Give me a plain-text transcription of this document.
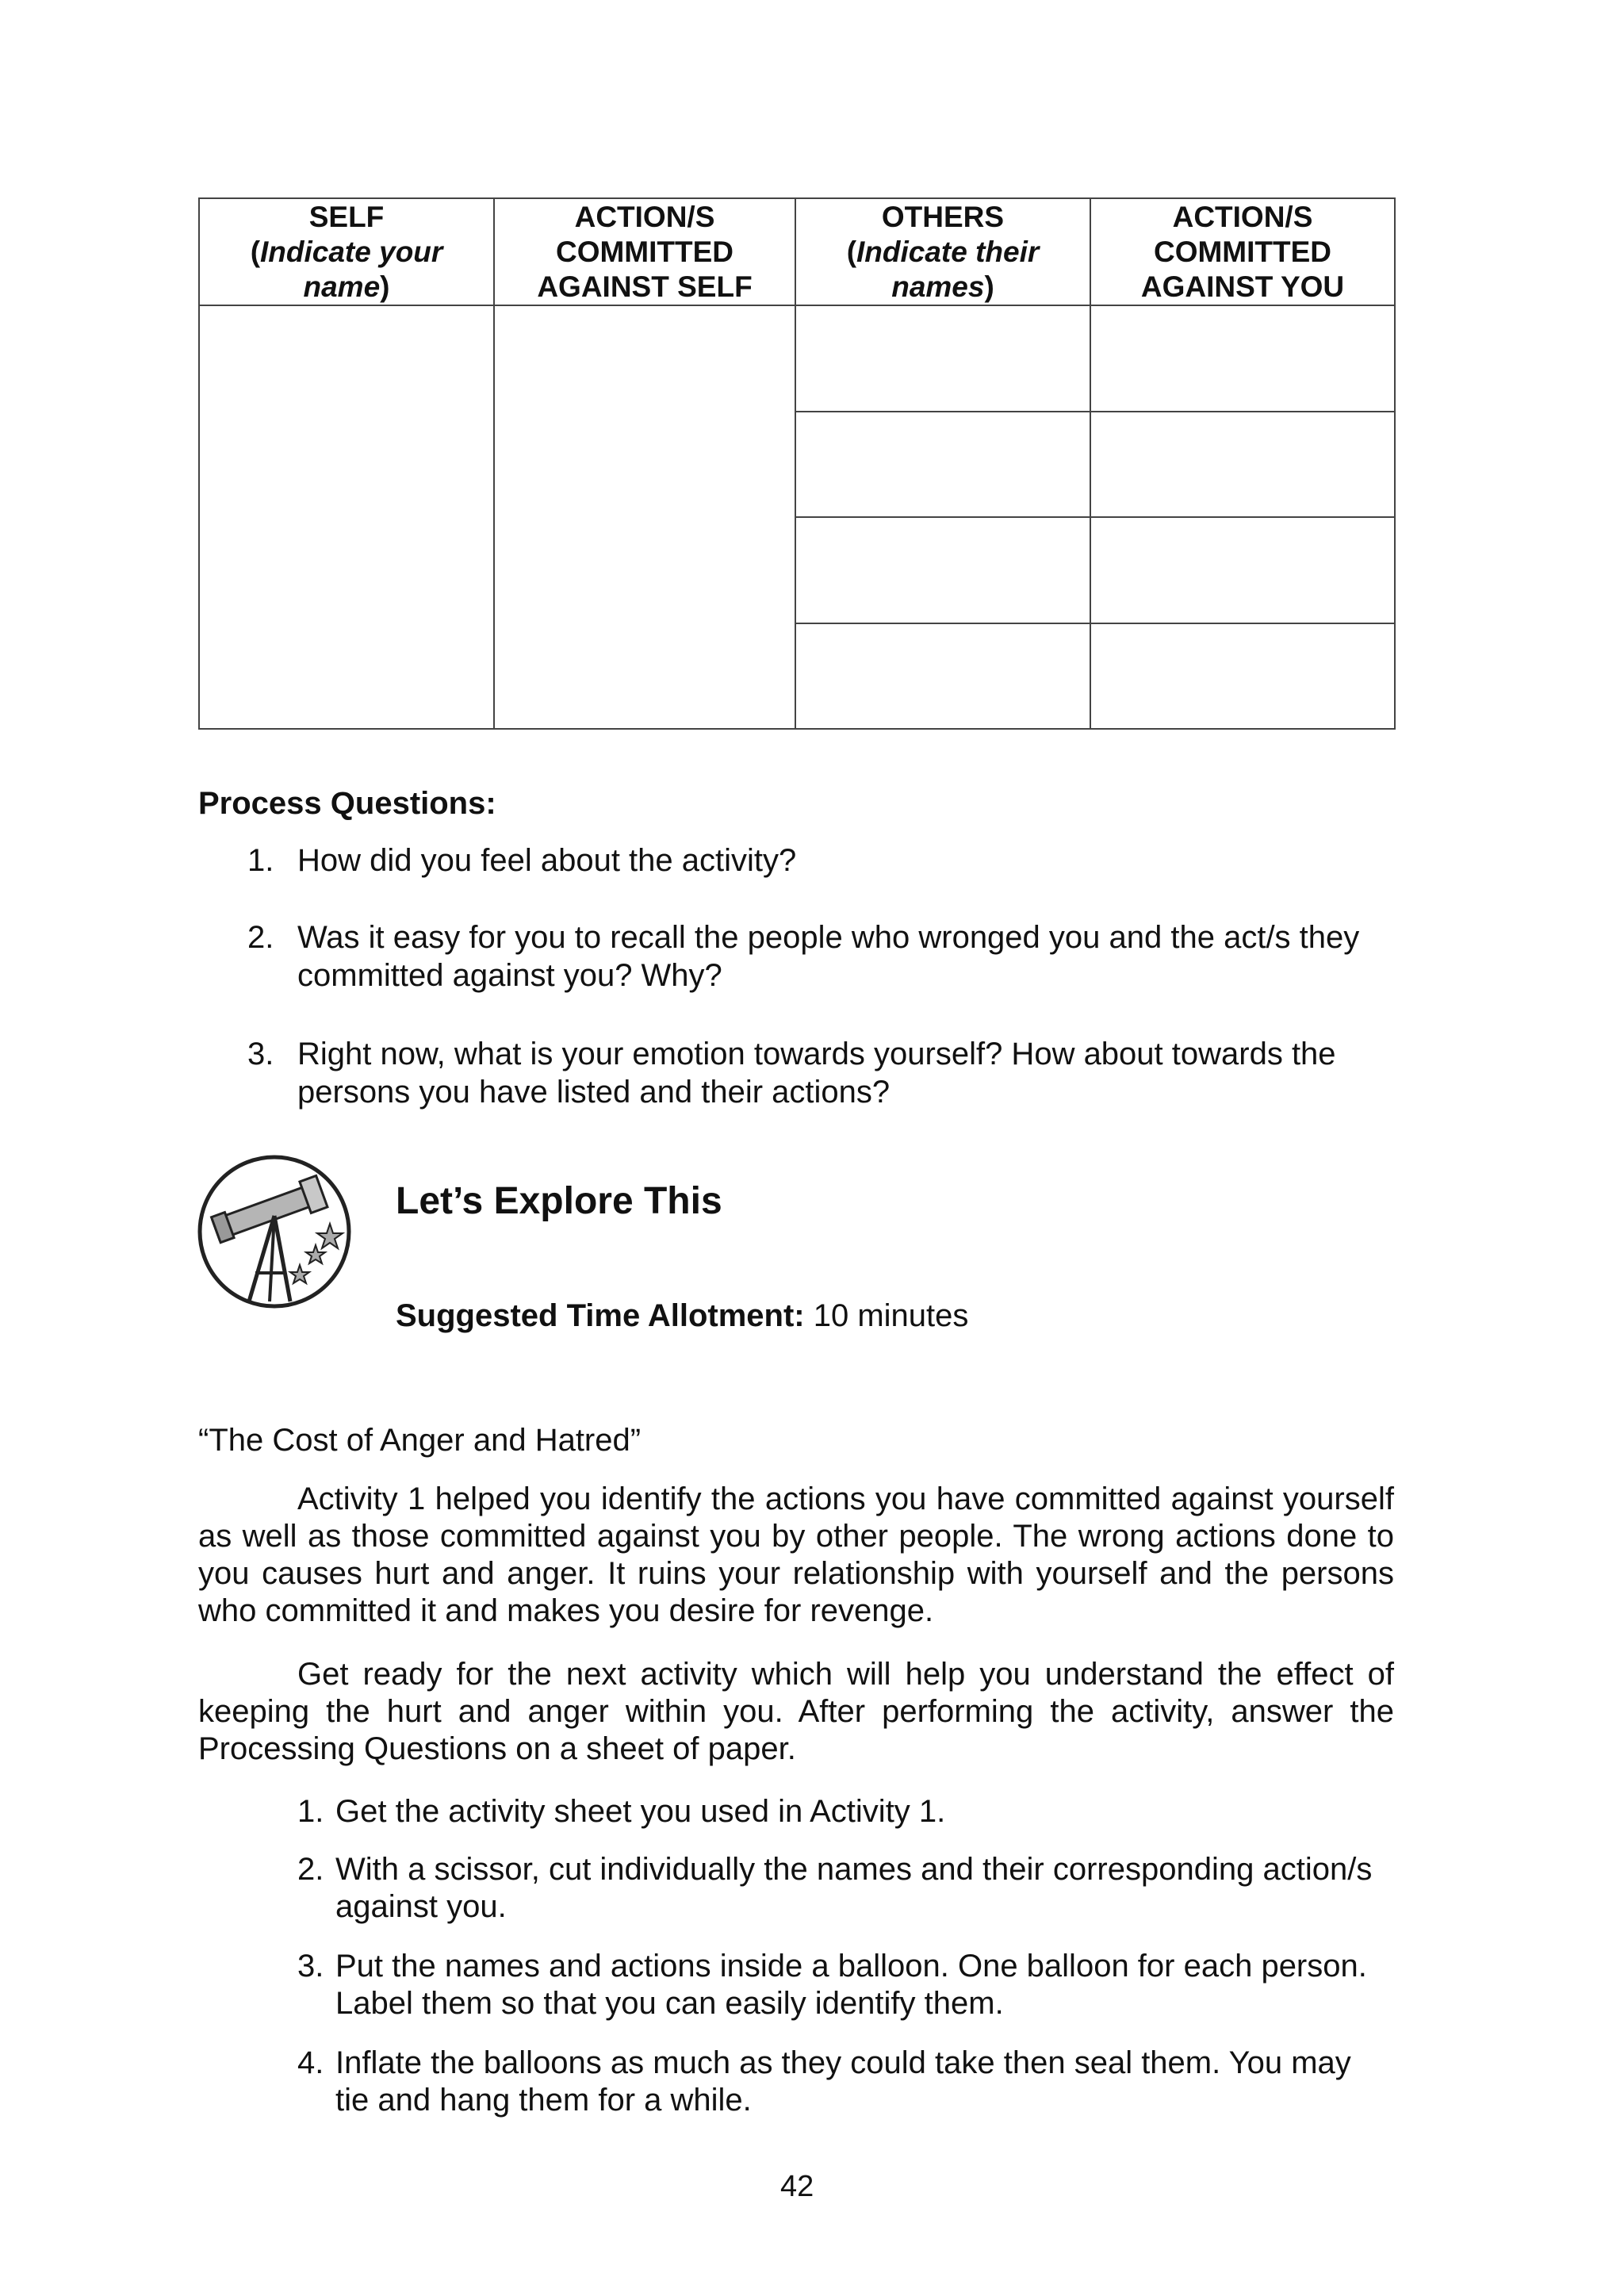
SELF
(Indicate your
name)	ACTION/S
COMMITTED
AGAINST SELF	OTHERS
(Indicate their
names)	ACTION/S
COMMITTED
AGAINST YOU

Process Questions:
1. How did you feel about the activity?
2. Was it easy for you to recall the people who wronged you and the act/s they
committed against you? Why?
3. Right now, what is your emotion towards yourself? How about towards the
persons you have listed and their actions?
Let’s Explore This
Suggested Time Allotment: 10 minutes
“The Cost of Anger and Hatred”
Activity 1 helped you identify the actions you have committed against yourself as well as those committed against you by other people. The wrong actions done to you causes hurt and anger. It ruins your relationship with yourself and the persons who committed it and makes you desire for revenge.
Get ready for the next activity which will help you understand the effect of keeping the hurt and anger within you. After performing the activity, answer the Processing Questions on a sheet of paper.
1. Get the activity sheet you used in Activity 1.
2. With a scissor, cut individually the names and their corresponding action/s
against you.
3. Put the names and actions inside a balloon. One balloon for each person.
Label them so that you can easily identify them.
4. Inflate the balloons as much as they could take then seal them. You may
tie and hang them for a while.
42
